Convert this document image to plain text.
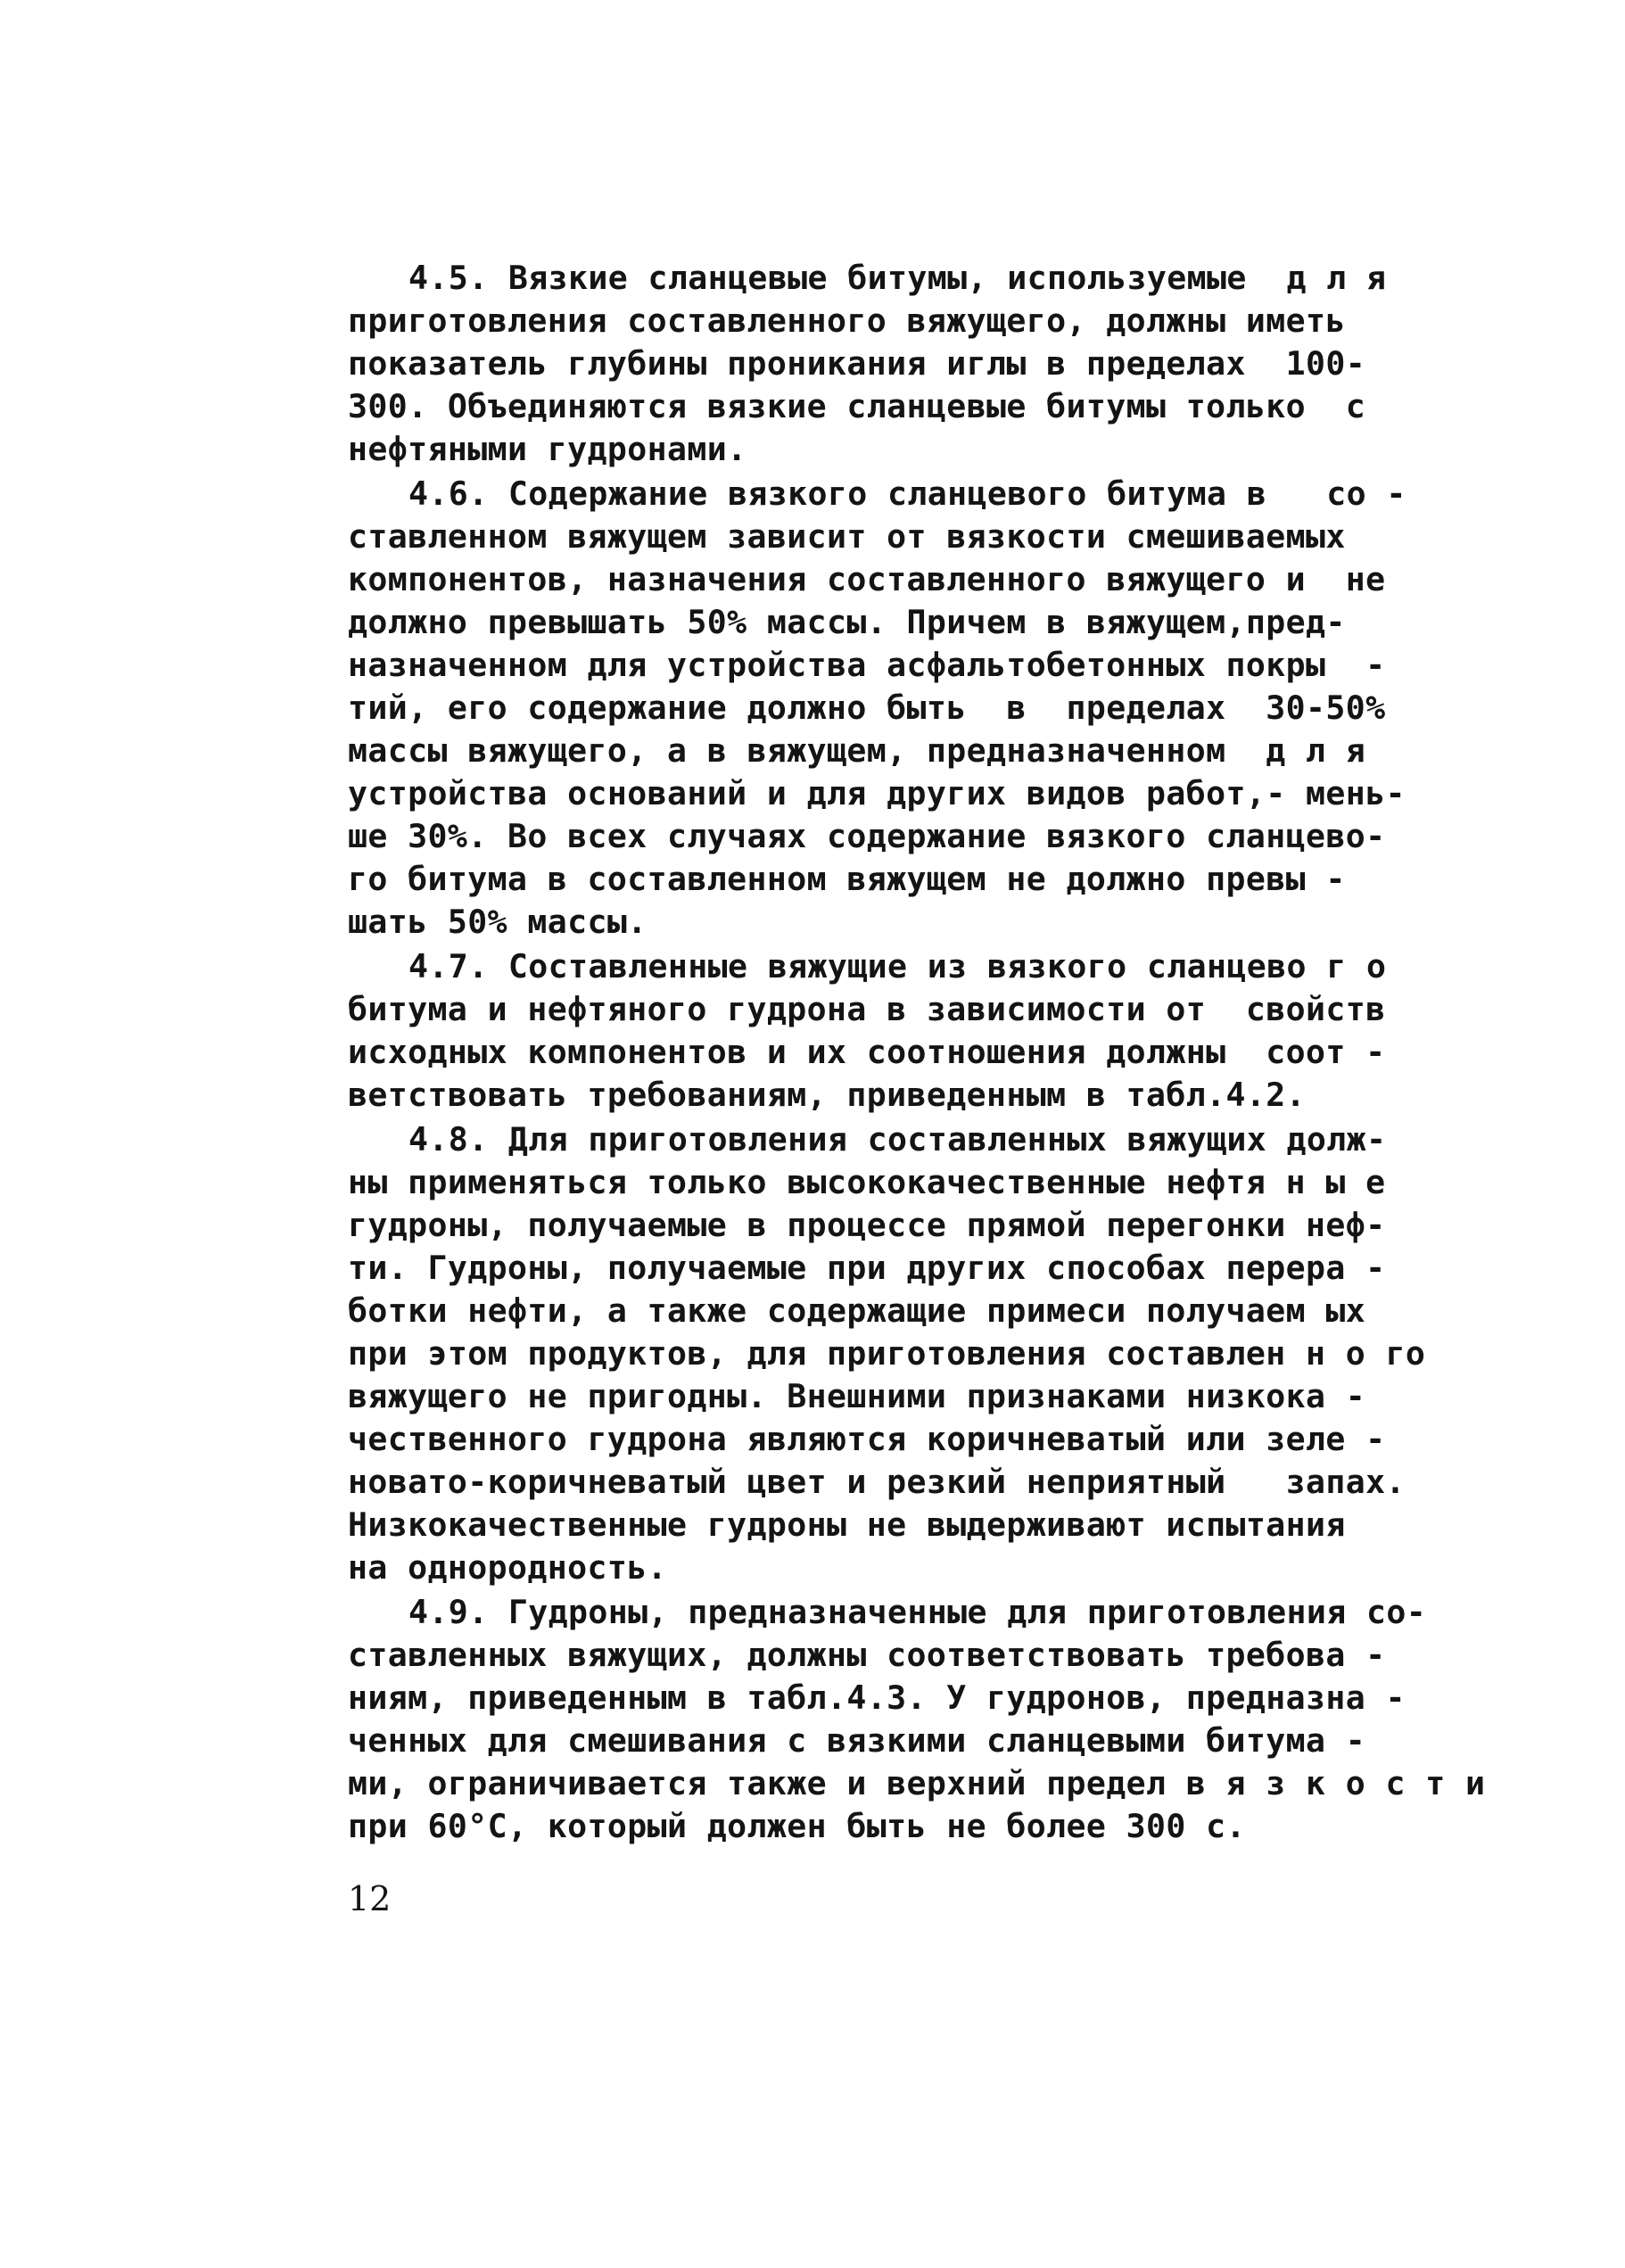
4.5. Вязкие сланцевые битумы, используемые  д л я
приготовления составленного вяжущего, должны иметь
показатель глубины проникания иглы в пределах  100-
300. Объединяются вязкие сланцевые битумы только  с
нефтяными гудронами.
4.6. Содержание вязкого сланцевого битума в   со -
ставленном вяжущем зависит от вязкости смешиваемых
компонентов, назначения составленного вяжущего и  не
должно превышать 50% массы. Причем в вяжущем,пред-
назначенном для устройства асфальтобетонных покры  -
тий, его содержание должно быть  в  пределах  30-50%
массы вяжущего, а в вяжущем, предназначенном  д л я
устройства оснований и для других видов работ,- мень-
ше 30%. Во всех случаях содержание вязкого сланцево-
го битума в составленном вяжущем не должно превы -
шать 50% массы.
4.7. Составленные вяжущие из вязкого сланцево г о
битума и нефтяного гудрона в зависимости от  свойств
исходных компонентов и их соотношения должны  соот -
ветствовать требованиям, приведенным в табл.4.2.
4.8. Для приготовления составленных вяжущих долж-
ны применяться только высококачественные нефтя н ы е
гудроны, получаемые в процессе прямой перегонки неф-
ти. Гудроны, получаемые при других способах перера -
ботки нефти, а также содержащие примеси получаем ых
при этом продуктов, для приготовления составлен н о го
вяжущего не пригодны. Внешними признаками низкока -
чественного гудрона являются коричневатый или зеле -
новато-коричневатый цвет и резкий неприятный   запах.
Низкокачественные гудроны не выдерживают испытания
на однородность.
4.9. Гудроны, предназначенные для приготовления со-
ставленных вяжущих, должны соответствовать требова -
ниям, приведенным в табл.4.3. У гудронов, предназна -
ченных для смешивания с вязкими сланцевыми битума -
ми, ограничивается также и верхний предел в я з к о с т и
при 60°С, который должен быть не более 300 с.
12
